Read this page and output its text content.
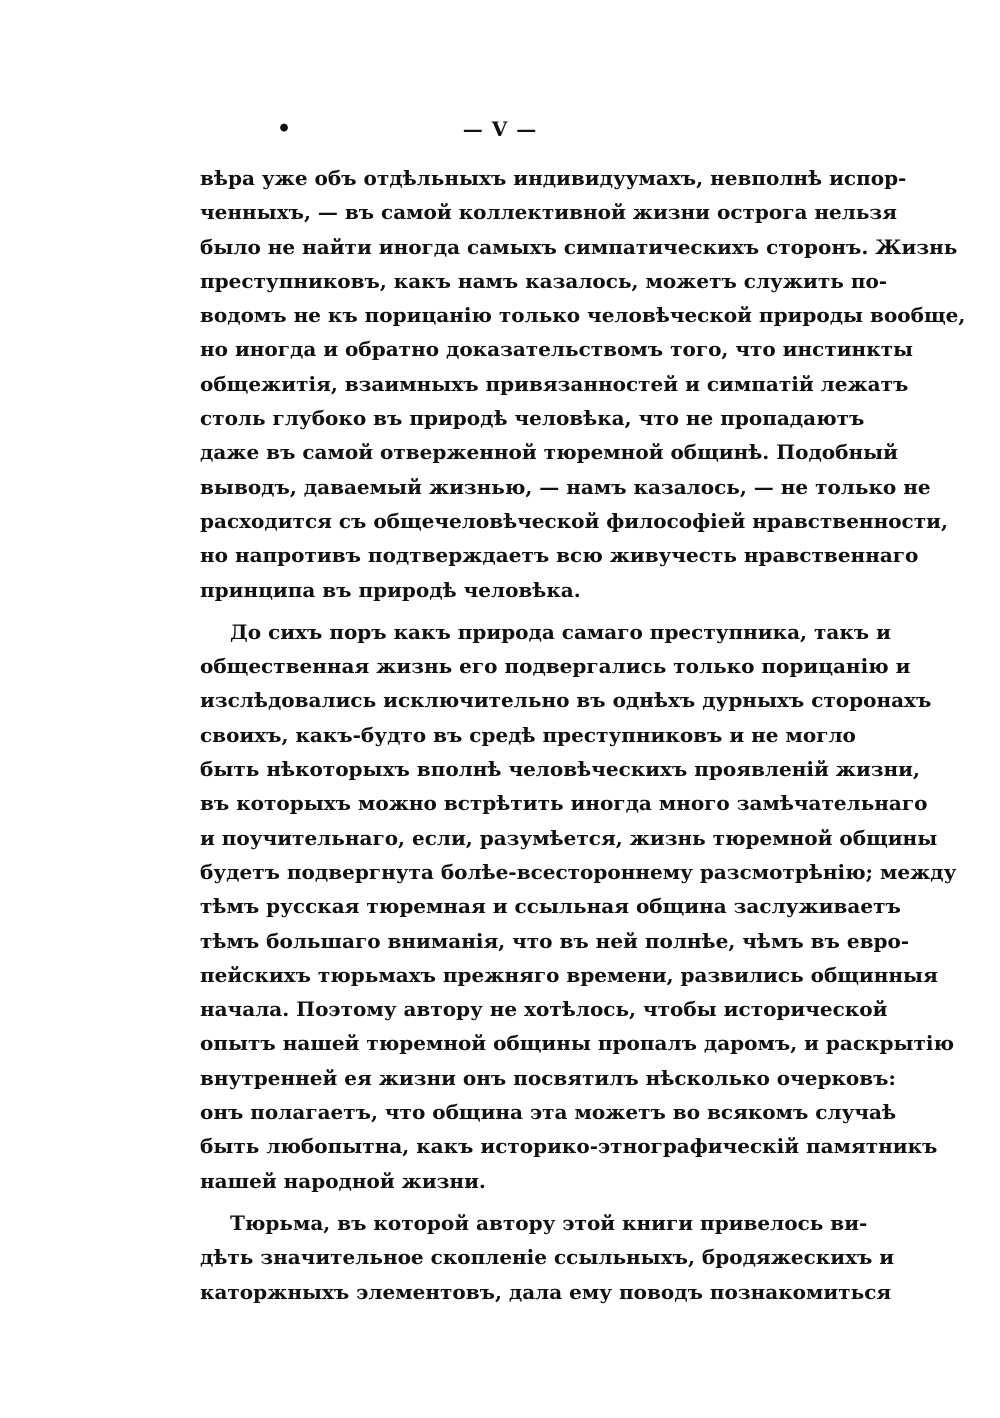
•	— V —
вѣра уже объ отдѣльныхъ индивидуумахъ, невполнѣ испор-
ченныхъ, — въ самой коллективной жизни острога нельзя
было не найти иногда самыхъ симпатическихъ сторонъ. Жизнь
преступниковъ, какъ намъ казалось, можетъ служить по-
водомъ не къ порицанію только человѣческой природы вообще,
но иногда и обратно доказательствомъ того, что инстинкты
общежитія, взаимныхъ привязанностей и симпатій лежатъ
столь глубоко въ природѣ человѣка, что не пропадаютъ
даже въ самой отверженной тюремной общинѣ. Подобный
выводъ, даваемый жизнью, — намъ казалось, — не только не
расходится съ общечеловѣческой философіей нравственности,
но напротивъ подтверждаетъ всю живучесть нравственнаго
принципа въ природѣ человѣка.
До сихъ поръ какъ природа самаго преступника, такъ и
общественная жизнь его подвергались только порицанію и
изслѣдовались исключительно въ однѣхъ дурныхъ сторонахъ
своихъ, какъ-будто въ средѣ преступниковъ и не могло
быть нѣкоторыхъ вполнѣ человѣческихъ проявленій жизни,
въ которыхъ можно встрѣтить иногда много замѣчательнаго
и поучительнаго, если, разумѣется, жизнь тюремной общины
будетъ подвергнута болѣе-всестороннему разсмотрѣнію; между
тѣмъ русская тюремная и ссыльная община заслуживаетъ
тѣмъ большаго вниманія, что въ ней полнѣе, чѣмъ въ евро-
пейскихъ тюрьмахъ прежняго времени, развились общинныя
начала. Поэтому автору не хотѣлось, чтобы исторической
опытъ нашей тюремной общины пропалъ даромъ, и раскрытію
внутренней ея жизни онъ посвятилъ нѣсколько очерковъ:
онъ полагаетъ, что община эта можетъ во всякомъ случаѣ
быть любопытна, какъ историко-этнографическій памятникъ
нашей народной жизни.
Тюрьма, въ которой автору этой книги привелось ви-
дѣть значительное скопленіе ссыльныхъ, бродяжескихъ и
каторжныхъ элементовъ, дала ему поводъ познакомиться
